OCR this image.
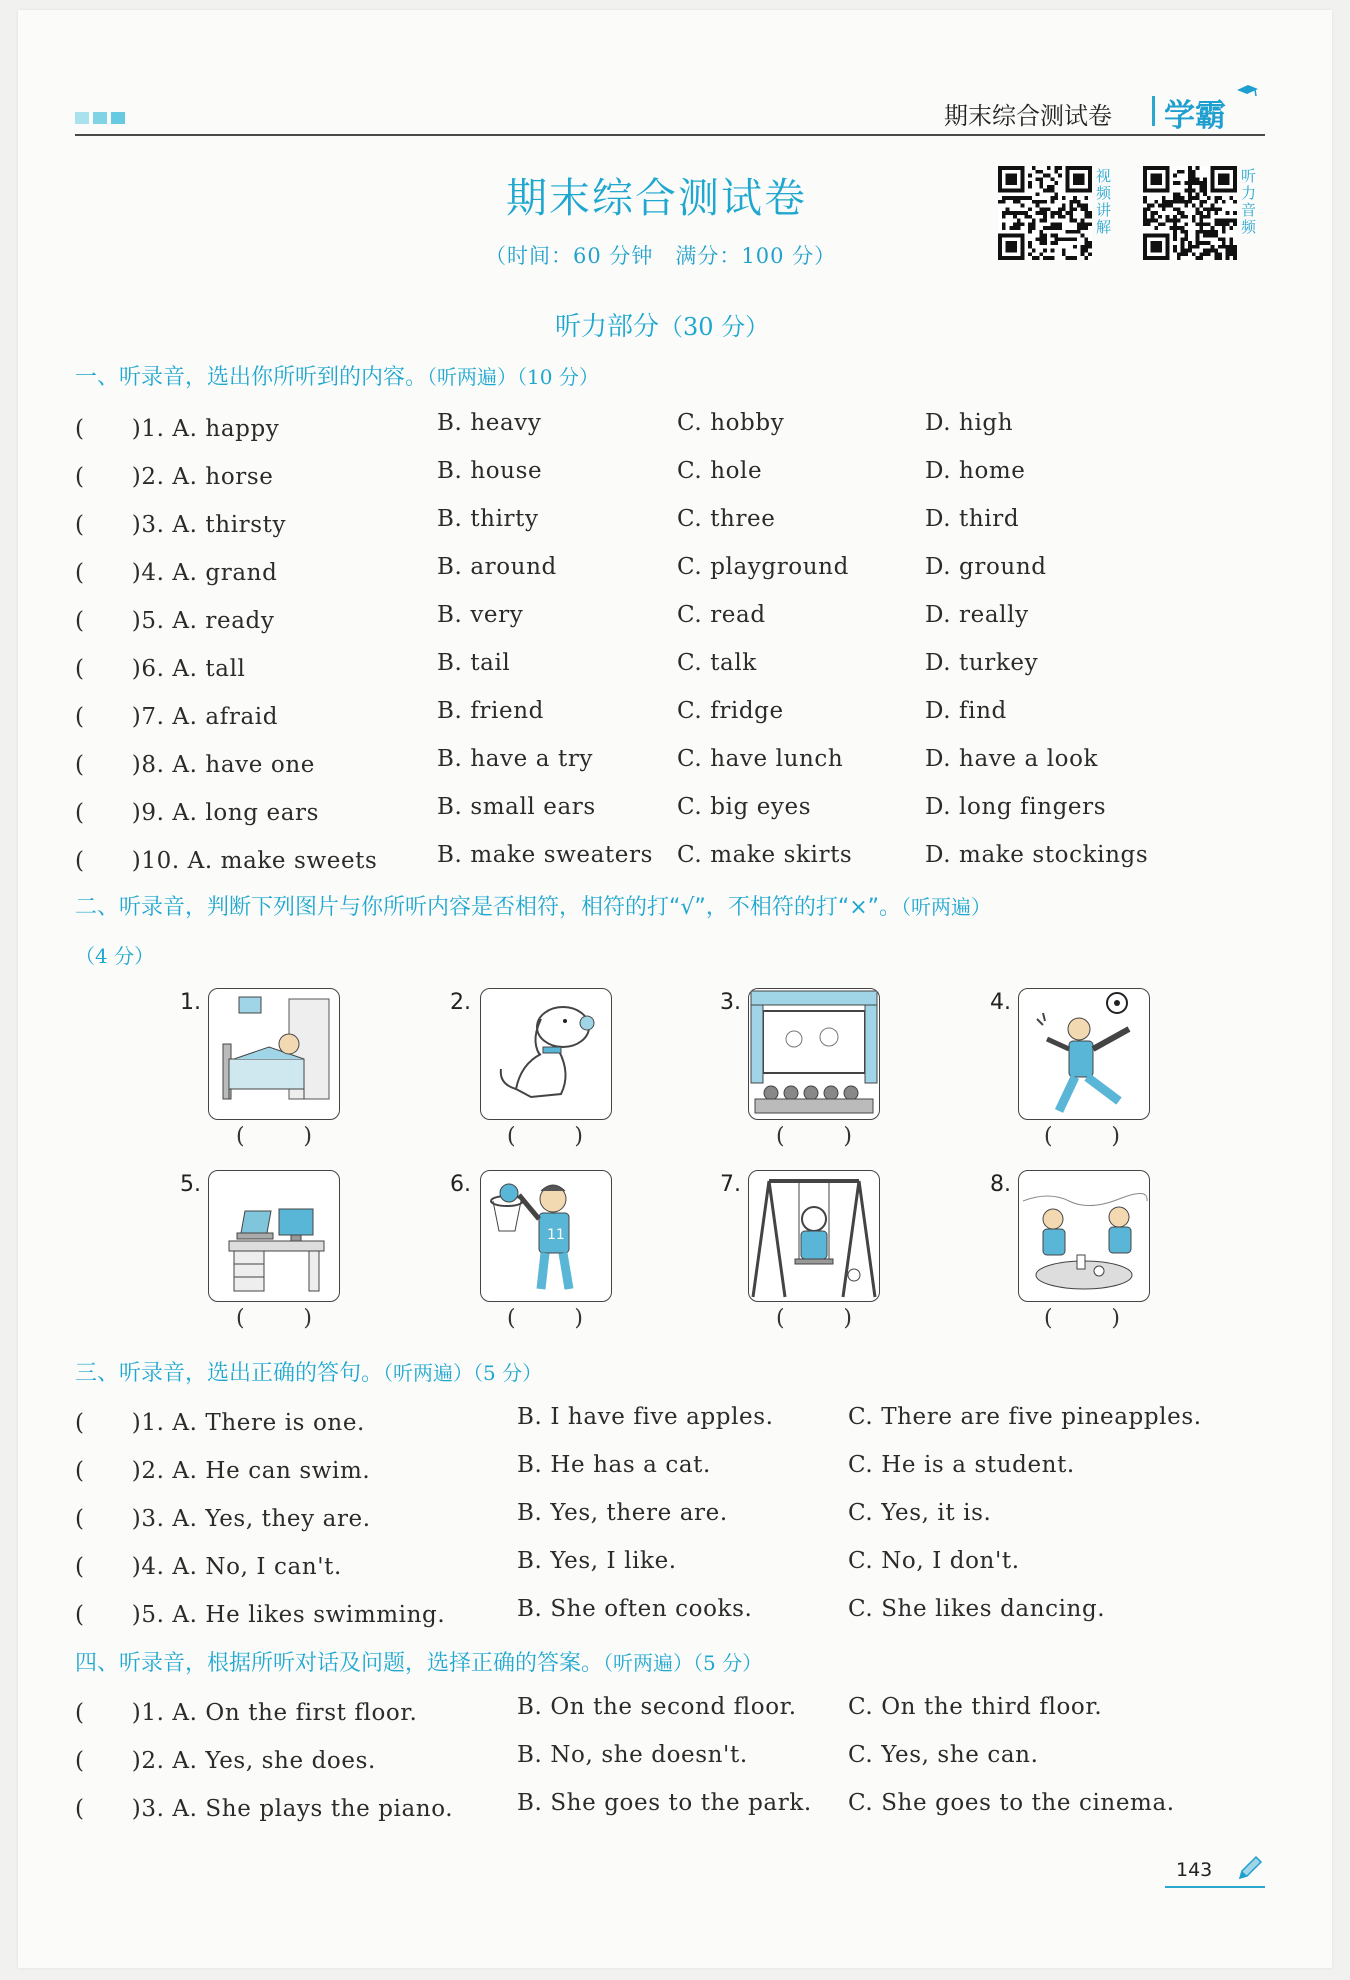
期末综合测试卷 学霸
期末综合测试卷
（时间：60 分钟　满分：100 分）
视频讲解
听力音频
听力部分（30 分）
一、听录音，选出你所听到的内容。（听两遍）（10 分）
(　　)1. A. happy	B. heavy	C. hobby	D. high
(　　)2. A. horse	B. house	C. hole	D. home
(　　)3. A. thirsty	B. thirty	C. three	D. third
(　　)4. A. grand	B. around	C. playground	D. ground
(　　)5. A. ready	B. very	C. read	D. really
(　　)6. A. tall	B. tail	C. talk	D. turkey
(　　)7. A. afraid	B. friend	C. fridge	D. find
(　　)8. A. have one	B. have a try	C. have lunch	D. have a look
(　　)9. A. long ears	B. small ears	C. big eyes	D. long fingers
(　　)10. A. make sweets	B. make sweaters C. make skirts	D. make stockings
二、听录音，判断下列图片与你所听内容是否相符，相符的打“√”，不相符的打“×”。（听两遍）
（4 分）
1.
(	)
2.
(	)
3.
(	)
4.
(	)
5.
(	)
6.
11
(	)
7.
(	)
8.
(	)
三、听录音，选出正确的答句。（听两遍）（5 分）
(　　)1. A. There is one.	B. I have five apples.	C. There are five pineapples.
(　　)2. A. He can swim.	B. He has a cat.	C. He is a student.
(　　)3. A. Yes, they are.	B. Yes, there are.	C. Yes, it is.
(　　)4. A. No, I can't.	B. Yes, I like.	C. No, I don't.
(　　)5. A. He likes swimming.	B. She often cooks.	C. She likes dancing.
四、听录音，根据所听对话及问题，选择正确的答案。（听两遍）（5 分）
(　　)1. A. On the first floor.	B. On the second floor. C. On the third floor.
(　　)2. A. Yes, she does.	B. No, she doesn't.	C. Yes, she can.
(　　)3. A. She plays the piano.	B. She goes to the park. C. She goes to the cinema.
143
